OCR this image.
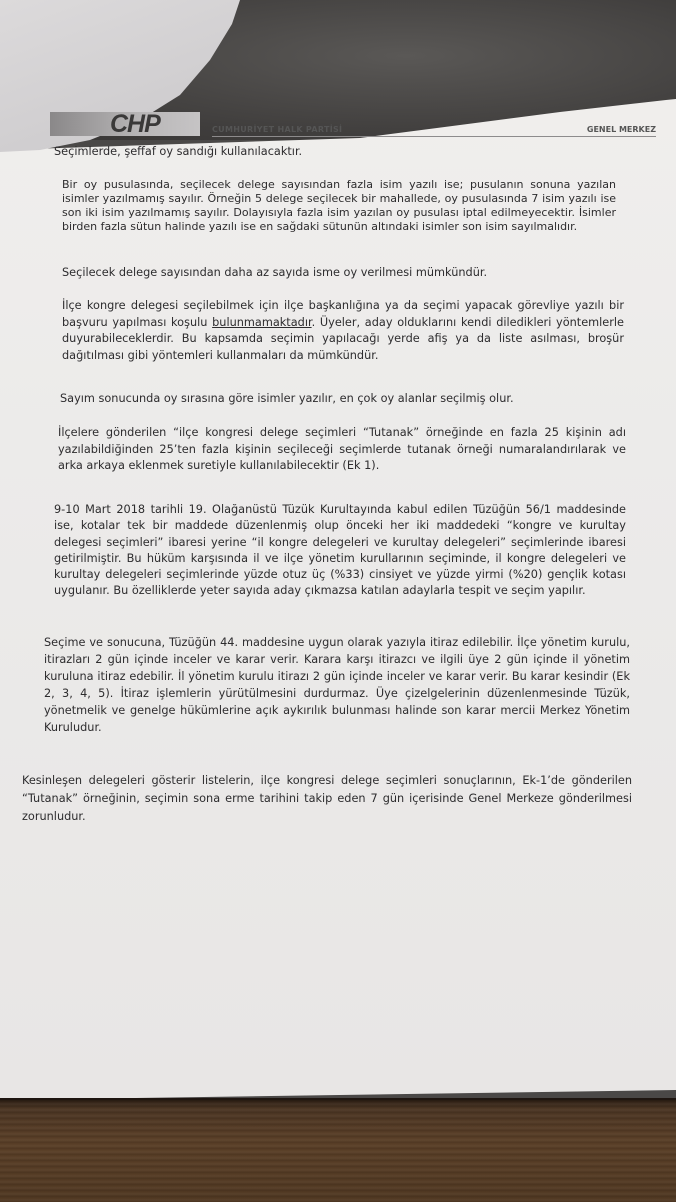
CHP	CUMHURİYET HALK PARTİSİ	GENEL MERKEZ
Seçimlerde, şeffaf oy sandığı kullanılacaktır.
Bir oy pusulasında, seçilecek delege sayısından fazla isim yazılı ise; pusulanın sonuna yazılan isimler yazılmamış sayılır. Örneğin 5 delege seçilecek bir mahallede, oy pusulasında 7 isim yazılı ise son iki isim yazılmamış sayılır. Dolayısıyla fazla isim yazılan oy pusulası iptal edilmeyecektir. İsimler birden fazla sütun halinde yazılı ise en sağdaki sütunün altındaki isimler son isim sayılmalıdır.
Seçilecek delege sayısından daha az sayıda isme oy verilmesi mümkündür.
İlçe kongre delegesi seçilebilmek için ilçe başkanlığına ya da seçimi yapacak görevliye yazılı bir başvuru yapılması koşulu bulunmamaktadır. Üyeler, aday olduklarını kendi diledikleri yöntemlerle duyurabileceklerdir. Bu kapsamda seçimin yapılacağı yerde afiş ya da liste asılması, broşür dağıtılması gibi yöntemleri kullanmaları da mümkündür.
Sayım sonucunda oy sırasına göre isimler yazılır, en çok oy alanlar seçilmiş olur.
İlçelere gönderilen “ilçe kongresi delege seçimleri “Tutanak” örneğinde en fazla 25 kişinin adı yazılabildiğinden 25’ten fazla kişinin seçileceği seçimlerde tutanak örneği numaralandırılarak ve arka arkaya eklenmek suretiyle kullanılabilecektir (Ek 1).
9-10 Mart 2018 tarihli 19. Olağanüstü Tüzük Kurultayında kabul edilen Tüzüğün 56/1 maddesinde ise, kotalar tek bir maddede düzenlenmiş olup önceki her iki maddedeki “kongre ve kurultay delegesi seçimleri” ibaresi yerine “il kongre delegeleri ve kurultay delegeleri” seçimlerinde ibaresi getirilmiştir. Bu hüküm karşısında il ve ilçe yönetim kurullarının seçiminde, il kongre delegeleri ve kurultay delegeleri seçimlerinde yüzde otuz üç (%33) cinsiyet ve yüzde yirmi (%20) gençlik kotası uygulanır. Bu özelliklerde yeter sayıda aday çıkmazsa katılan adaylarla tespit ve seçim yapılır.
Seçime ve sonucuna, Tüzüğün 44. maddesine uygun olarak yazıyla itiraz edilebilir. İlçe yönetim kurulu, itirazları 2 gün içinde inceler ve karar verir. Karara karşı itirazcı ve ilgili üye 2 gün içinde il yönetim kuruluna itiraz edebilir. İl yönetim kurulu itirazı 2 gün içinde inceler ve karar verir. Bu karar kesindir (Ek 2, 3, 4, 5). İtiraz işlemlerin yürütülmesini durdurmaz. Üye çizelgelerinin düzenlenmesinde Tüzük, yönetmelik ve genelge hükümlerine açık aykırılık bulunması halinde son karar mercii Merkez Yönetim Kuruludur.
Kesinleşen delegeleri gösterir listelerin, ilçe kongresi delege seçimleri sonuçlarının, Ek-1’de gönderilen “Tutanak” örneğinin, seçimin sona erme tarihini takip eden 7 gün içerisinde Genel Merkeze gönderilmesi zorunludur.
